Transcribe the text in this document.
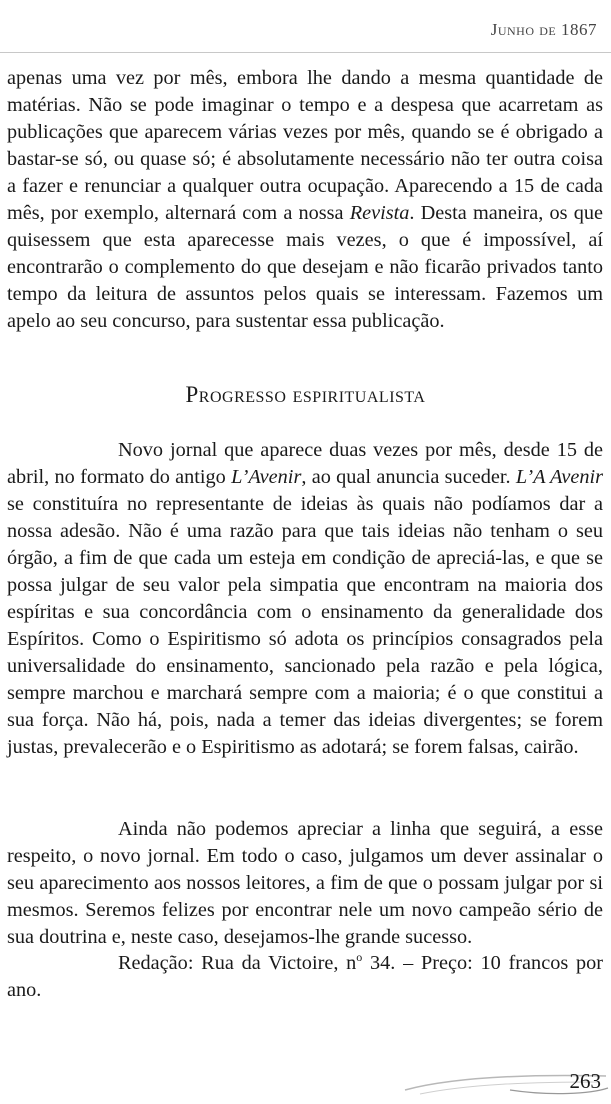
Junho de 1867

apenas uma vez por mês, embora lhe dando a mesma quantidade de matérias. Não se pode imaginar o tempo e a despesa que acarretam as publicações que aparecem várias vezes por mês, quando se é obrigado a bastar-se só, ou quase só; é absolutamente necessário não ter outra coisa a fazer e renunciar a qualquer outra ocupação. Aparecendo a 15 de cada mês, por exemplo, alternará com a nossa Revista. Desta maneira, os que quisessem que esta aparecesse mais vezes, o que é impossível, aí encontrarão o complemento do que desejam e não ficarão privados tanto tempo da leitura de assuntos pelos quais se interessam. Fazemos um apelo ao seu concurso, para sustentar essa publicação.

Progresso espiritualista

Novo jornal que aparece duas vezes por mês, desde 15 de abril, no formato do antigo L’Avenir, ao qual anuncia suceder. L’A Avenir se constituíra no representante de ideias às quais não podíamos dar a nossa adesão. Não é uma razão para que tais ideias não tenham o seu órgão, a fim de que cada um esteja em condição de apreciá-las, e que se possa julgar de seu valor pela simpatia que encontram na maioria dos espíritas e sua concordância com o ensinamento da generalidade dos Espíritos. Como o Espiritismo só adota os princípios consagrados pela universalidade do ensinamento, sancionado pela razão e pela lógica, sempre marchou e marchará sempre com a maioria; é o que constitui a sua força. Não há, pois, nada a temer das ideias divergentes; se forem justas, prevalecerão e o Espiritismo as adotará; se forem falsas, cairão.

Ainda não podemos apreciar a linha que seguirá, a esse respeito, o novo jornal. Em todo o caso, julgamos um dever assinalar o seu aparecimento aos nossos leitores, a fim de que o possam julgar por si mesmos. Seremos felizes por encontrar nele um novo campeão sério de sua doutrina e, neste caso, desejamos-lhe grande sucesso.

Redação: Rua da Victoire, $n^o$ 34. – Preço: 10 francos por ano.

263
